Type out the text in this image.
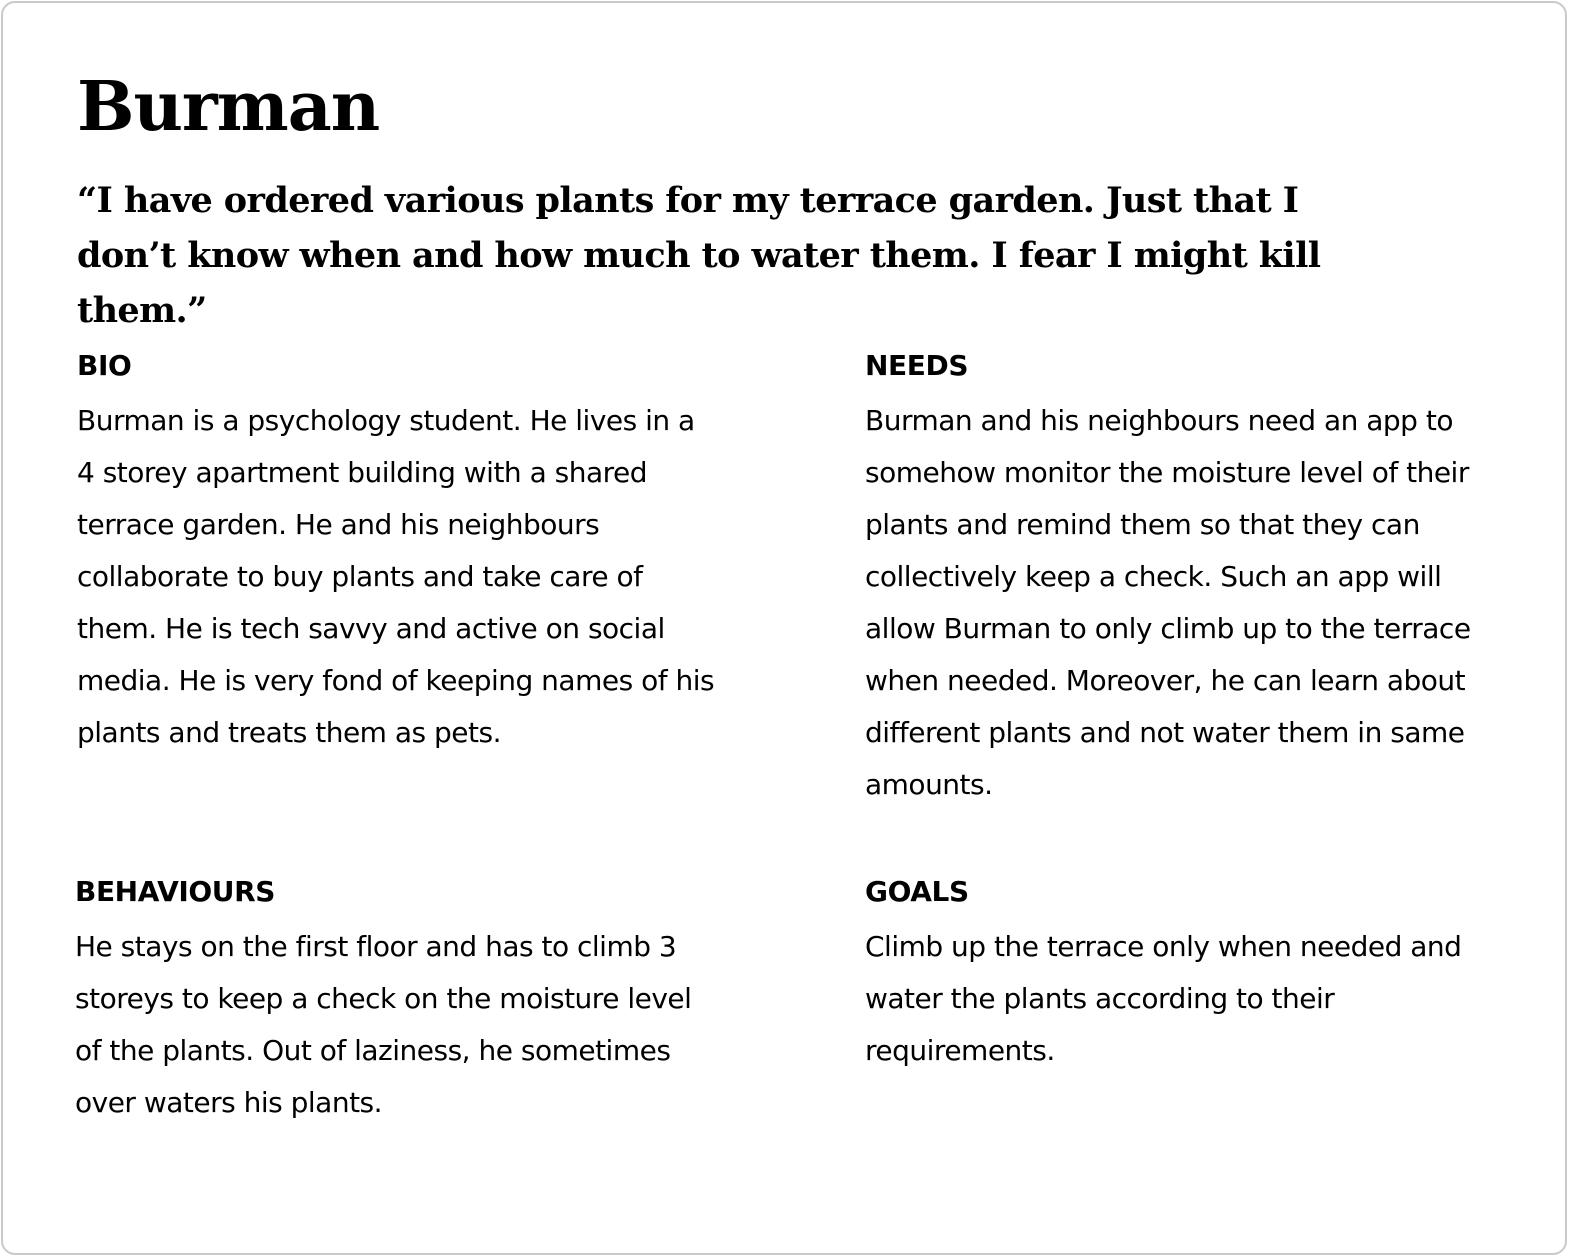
Burman

“I have ordered various plants for my terrace garden. Just that I don’t know when and how much to water them. I fear I might kill them.”

BIO

Burman is a psychology student. He lives in a 4 storey apartment building with a shared terrace garden. He and his neighbours collaborate to buy plants and take care of them. He is tech savvy and active on social media. He is very fond of keeping names of his plants and treats them as pets.

NEEDS

Burman and his neighbours need an app to somehow monitor the moisture level of their plants and remind them so that they can collectively keep a check. Such an app will allow Burman to only climb up to the terrace when needed. Moreover, he can learn about different plants and not water them in same amounts.

BEHAVIOURS

He stays on the first floor and has to climb 3 storeys to keep a check on the moisture level of the plants. Out of laziness, he sometimes over waters his plants.

GOALS

Climb up the terrace only when needed and water the plants according to their requirements.
